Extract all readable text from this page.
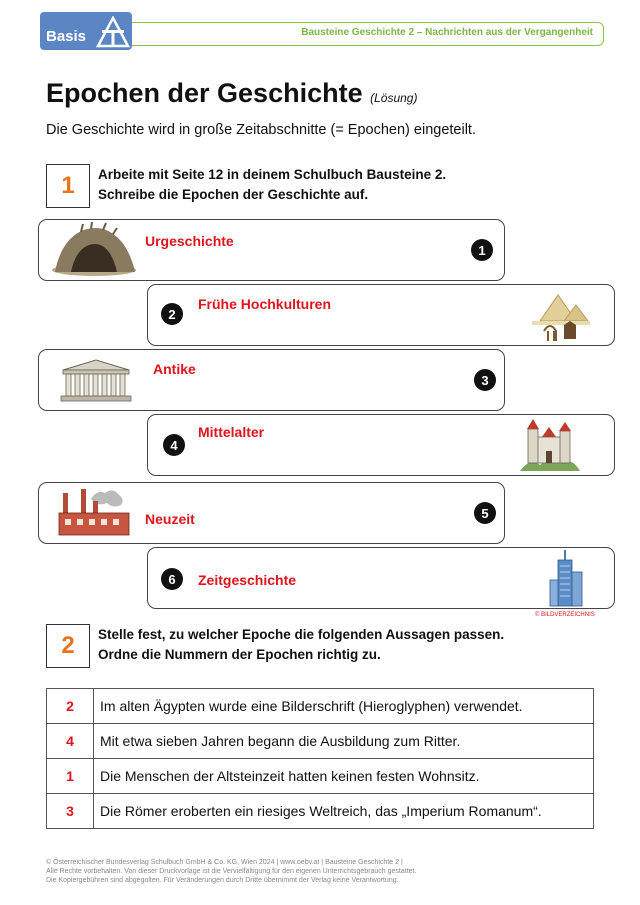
Bausteine Geschichte 2 – Nachrichten aus der Vergangenheit
Basis
Epochen der Geschichte (Lösung)
Die Geschichte wird in große Zeitabschnitte (= Epochen) eingeteilt.
1	Arbeite mit Seite 12 in deinem Schulbuch Bausteine 2.
Schreibe die Epochen der Geschichte auf.
Urgeschichte
1
2
Frühe Hochkulturen
Antike
3
4
Mittelalter
Neuzeit	5
6	Zeitgeschichte
© BILDVERZEICHNIS
2	Stelle fest, zu welcher Epoche die folgenden Aussagen passen.
Ordne die Nummern der Epochen richtig zu.
2	Im alten Ägypten wurde eine Bilderschrift (Hieroglyphen) verwendet.
4	Mit etwa sieben Jahren begann die Ausbildung zum Ritter.
1	Die Menschen der Altsteinzeit hatten keinen festen Wohnsitz.
3	Die Römer eroberten ein riesiges Weltreich, das „Imperium Romanum“.
© Österreichischer Bundesverlag Schulbuch GmbH & Co. KG, Wien 2024 | www.oebv.at | Bausteine Geschichte 2 |
Alle Rechte vorbehalten. Von dieser Druckvorlage ist die Vervielfältigung für den eigenen Unterrichtsgebrauch gestattet.
Die Kopiergebühren sind abgegolten. Für Veränderungen durch Dritte übernimmt der Verlag keine Verantwortung.
